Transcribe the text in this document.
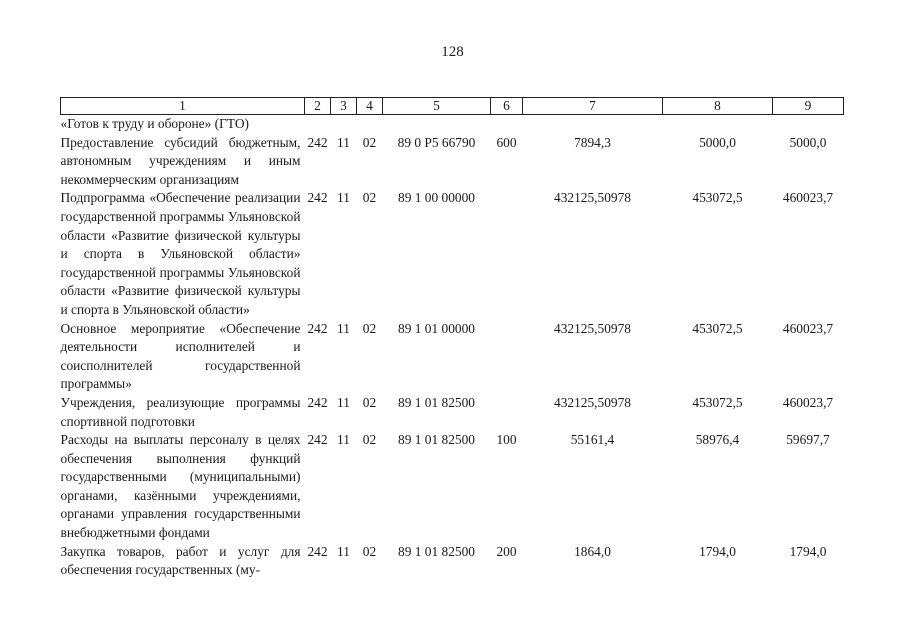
128
1	2	3	4	5	6	7	8	9
«Готов к труду и обороне» (ГТО)								
Предоставление субсидий бюджетным, автономным учреждениям и иным некоммерческим организациям	242	11	02	89 0 P5 66790	600	7894,3	5000,0	5000,0
Подпрограмма «Обеспечение реализации государственной программы Ульяновской области «Развитие физической культуры и спорта в Ульяновской области» государственной программы Ульяновской области «Развитие физической культуры и спорта в Ульяновской области»	242	11	02	89 1 00 00000		432125,50978	453072,5	460023,7
Основное мероприятие «Обеспечение деятельности исполнителей и соисполнителей государственной программы»	242	11	02	89 1 01 00000		432125,50978	453072,5	460023,7
Учреждения, реализующие программы спортивной подготовки	242	11	02	89 1 01 82500		432125,50978	453072,5	460023,7
Расходы на выплаты персоналу в целях обеспечения выполнения функций государственными (муниципальными) органами, казёнными учреждениями, органами управления государственными внебюджетными фондами	242	11	02	89 1 01 82500	100	55161,4	58976,4	59697,7
Закупка товаров, работ и услуг для обеспечения государственных (му-	242	11	02	89 1 01 82500	200	1864,0	1794,0	1794,0
